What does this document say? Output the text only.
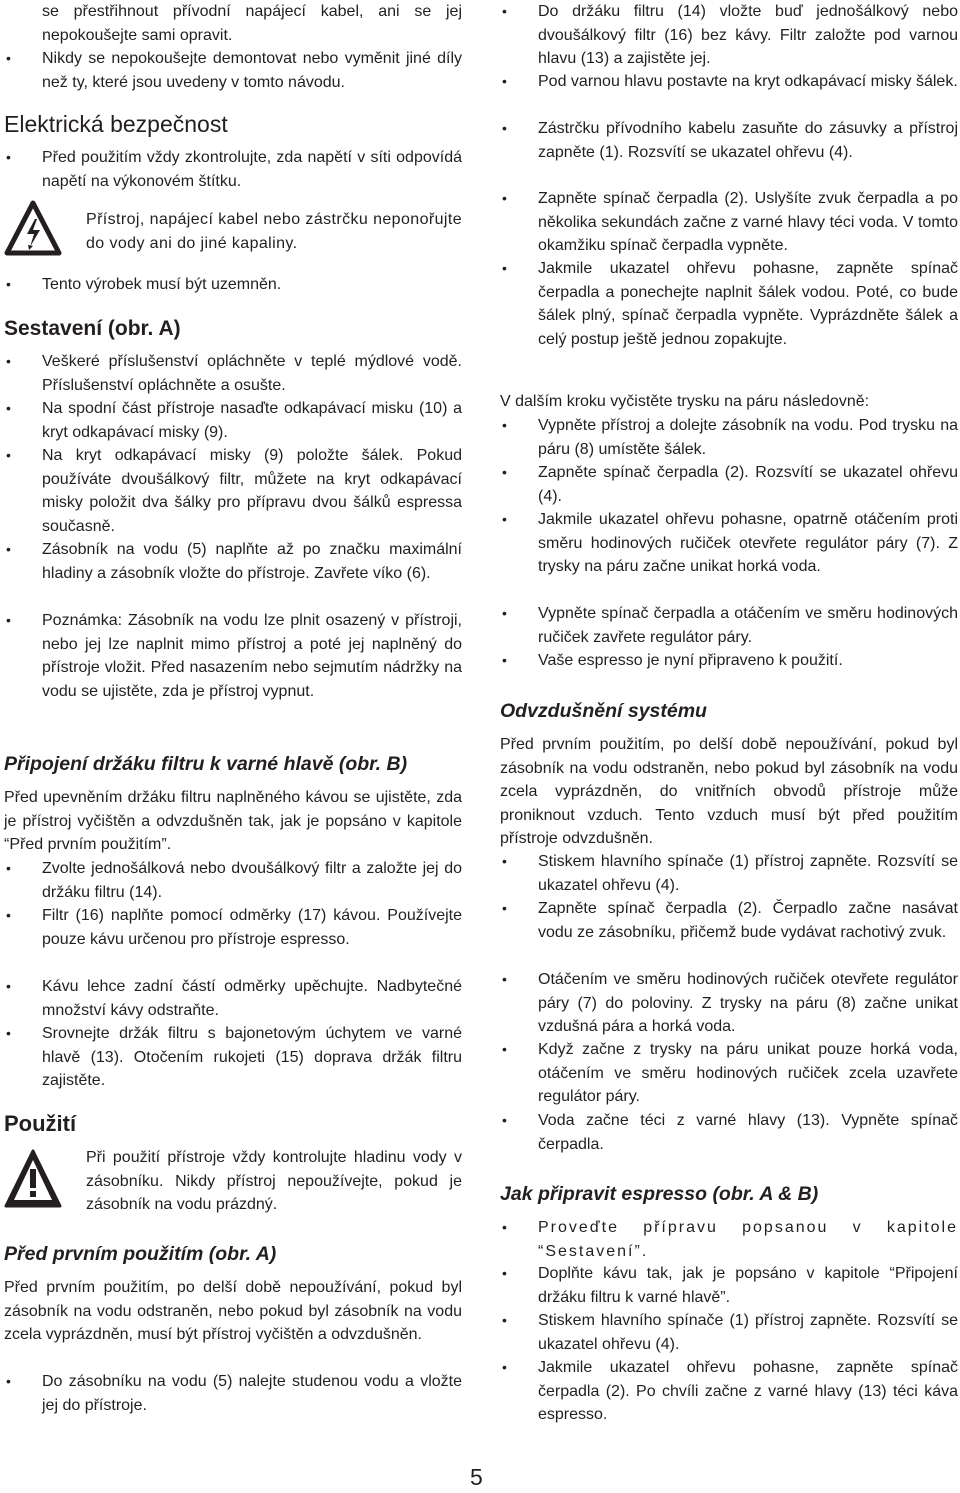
se přestřihnout přívodní napájecí kabel, ani se jej nepokoušejte sami opravit.
• Nikdy se nepokoušejte demontovat nebo vyměnit jiné díly než ty, které jsou uvedeny v tomto návodu.
Elektrická bezpečnost
• Před použitím vždy zkontrolujte, zda napětí v síti odpovídá napětí na výkonovém štítku.
Přístroj, napájecí kabel nebo zástrčku neponořujte do vody ani do jiné kapaliny.
• Tento výrobek musí být uzemněn.
Sestavení (obr. A)
• Veškeré příslušenství opláchněte v teplé mýdlové vodě. Příslušenství opláchněte a osušte.
• Na spodní část přístroje nasaďte odkapávací misku (10) a kryt odkapávací misky (9).
• Na kryt odkapávací misky (9) položte šálek. Pokud používáte dvoušálkový filtr, můžete na kryt odkapávací misky položit dva šálky pro přípravu dvou šálků espressa současně.
• Zásobník na vodu (5) naplňte až po značku maximální hladiny a zásobník vložte do přístroje. Zavřete víko (6).
• Poznámka: Zásobník na vodu lze plnit osazený v přístroji, nebo jej lze naplnit mimo přístroj a poté jej naplněný do přístroje vložit. Před nasazením nebo sejmutím nádržky na vodu se ujistěte, zda je přístroj vypnut.
Připojení držáku filtru k varné hlavě (obr. B)

Před upevněním držáku filtru naplněného kávou se ujistěte, zda je přístroj vyčištěn a odvzdušněn tak, jak je popsáno v kapitole “Před prvním použitím”.

• Zvolte jednošálková nebo dvoušálkový filtr a založte jej do držáku filtru (14).
• Filtr (16) naplňte pomocí odměrky (17) kávou. Používejte pouze kávu určenou pro přístroje espresso.
• Kávu lehce zadní částí odměrky upěchujte. Nadbytečné množství kávy odstraňte.
• Srovnejte držák filtru s bajonetovým úchytem ve varné hlavě (13). Otočením rukojeti (15) doprava držák filtru zajistěte.
Použití
Při použití přístroje vždy kontrolujte hladinu vody v zásobníku. Nikdy přístroj nepoužívejte, pokud je zásobník na vodu prázdný.
Před prvním použitím (obr. A)

Před prvním použitím, po delší době nepoužívání, pokud byl zásobník na vodu odstraněn, nebo pokud byl zásobník na vodu zcela vyprázdněn, musí být přístroj vyčištěn a odvzdušněn.

• Do zásobníku na vodu (5) nalejte studenou vodu a vložte jej do přístroje.
• Do držáku filtru (14) vložte buď jednošálkový nebo dvoušálkový filtr (16) bez kávy. Filtr založte pod varnou hlavu (13) a zajistěte jej.
• Pod varnou hlavu postavte na kryt odkapávací misky šálek.
• Zástrčku přívodního kabelu zasuňte do zásuvky a přístroj zapněte (1). Rozsvítí se ukazatel ohřevu (4).
• Zapněte spínač čerpadla (2). Uslyšíte zvuk čerpadla a po několika sekundách začne z varné hlavy téci voda. V tomto okamžiku spínač čerpadla vypněte.
• Jakmile ukazatel ohřevu pohasne, zapněte spínač čerpadla a ponechejte naplnit šálek vodou. Poté, co bude šálek plný, spínač čerpadla vypněte. Vyprázdněte šálek a celý postup ještě jednou zopakujte.

V dalším kroku vyčistěte trysku na páru následovně:

• Vypněte přístroj a dolejte zásobník na vodu. Pod trysku na páru (8) umístěte šálek.
• Zapněte spínač čerpadla (2). Rozsvítí se ukazatel ohřevu (4).
• Jakmile ukazatel ohřevu pohasne, opatrně otáčením proti směru hodinových ručiček otevřete regulátor páry (7). Z trysky na páru začne unikat horká voda.
• Vypněte spínač čerpadla a otáčením ve směru hodinových ručiček zavřete regulátor páry.
• Vaše espresso je nyní připraveno k použití.
Odvzdušnění systému

Před prvním použitím, po delší době nepoužívání, pokud byl zásobník na vodu odstraněn, nebo pokud byl zásobník na vodu zcela vyprázdněn, do vnitřních obvodů přístroje může proniknout vzduch. Tento vzduch musí být před použitím přístroje odvzdušněn.

• Stiskem hlavního spínače (1) přístroj zapněte. Rozsvítí se ukazatel ohřevu (4).
• Zapněte spínač čerpadla (2). Čerpadlo začne nasávat vodu ze zásobníku, přičemž bude vydávat rachotivý zvuk.
• Otáčením ve směru hodinových ručiček otevřete regulátor páry (7) do poloviny. Z trysky na páru (8) začne unikat vzdušná pára a horká voda.
• Když začne z trysky na páru unikat pouze horká voda, otáčením ve směru hodinových ručiček zcela uzavřete regulátor páry.
• Voda začne téci z varné hlavy (13). Vypněte spínač čerpadla.
Jak připravit espresso (obr. A & B)
• Proveďte přípravu popsanou v kapitole “Sestavení”.
• Doplňte kávu tak, jak je popsáno v kapitole “Připojení držáku filtru k varné hlavě”.
• Stiskem hlavního spínače (1) přístroj zapněte. Rozsvítí se ukazatel ohřevu (4).
• Jakmile ukazatel ohřevu pohasne, zapněte spínač čerpadla (2). Po chvíli začne z varné hlavy (13) téci káva espresso.
5
